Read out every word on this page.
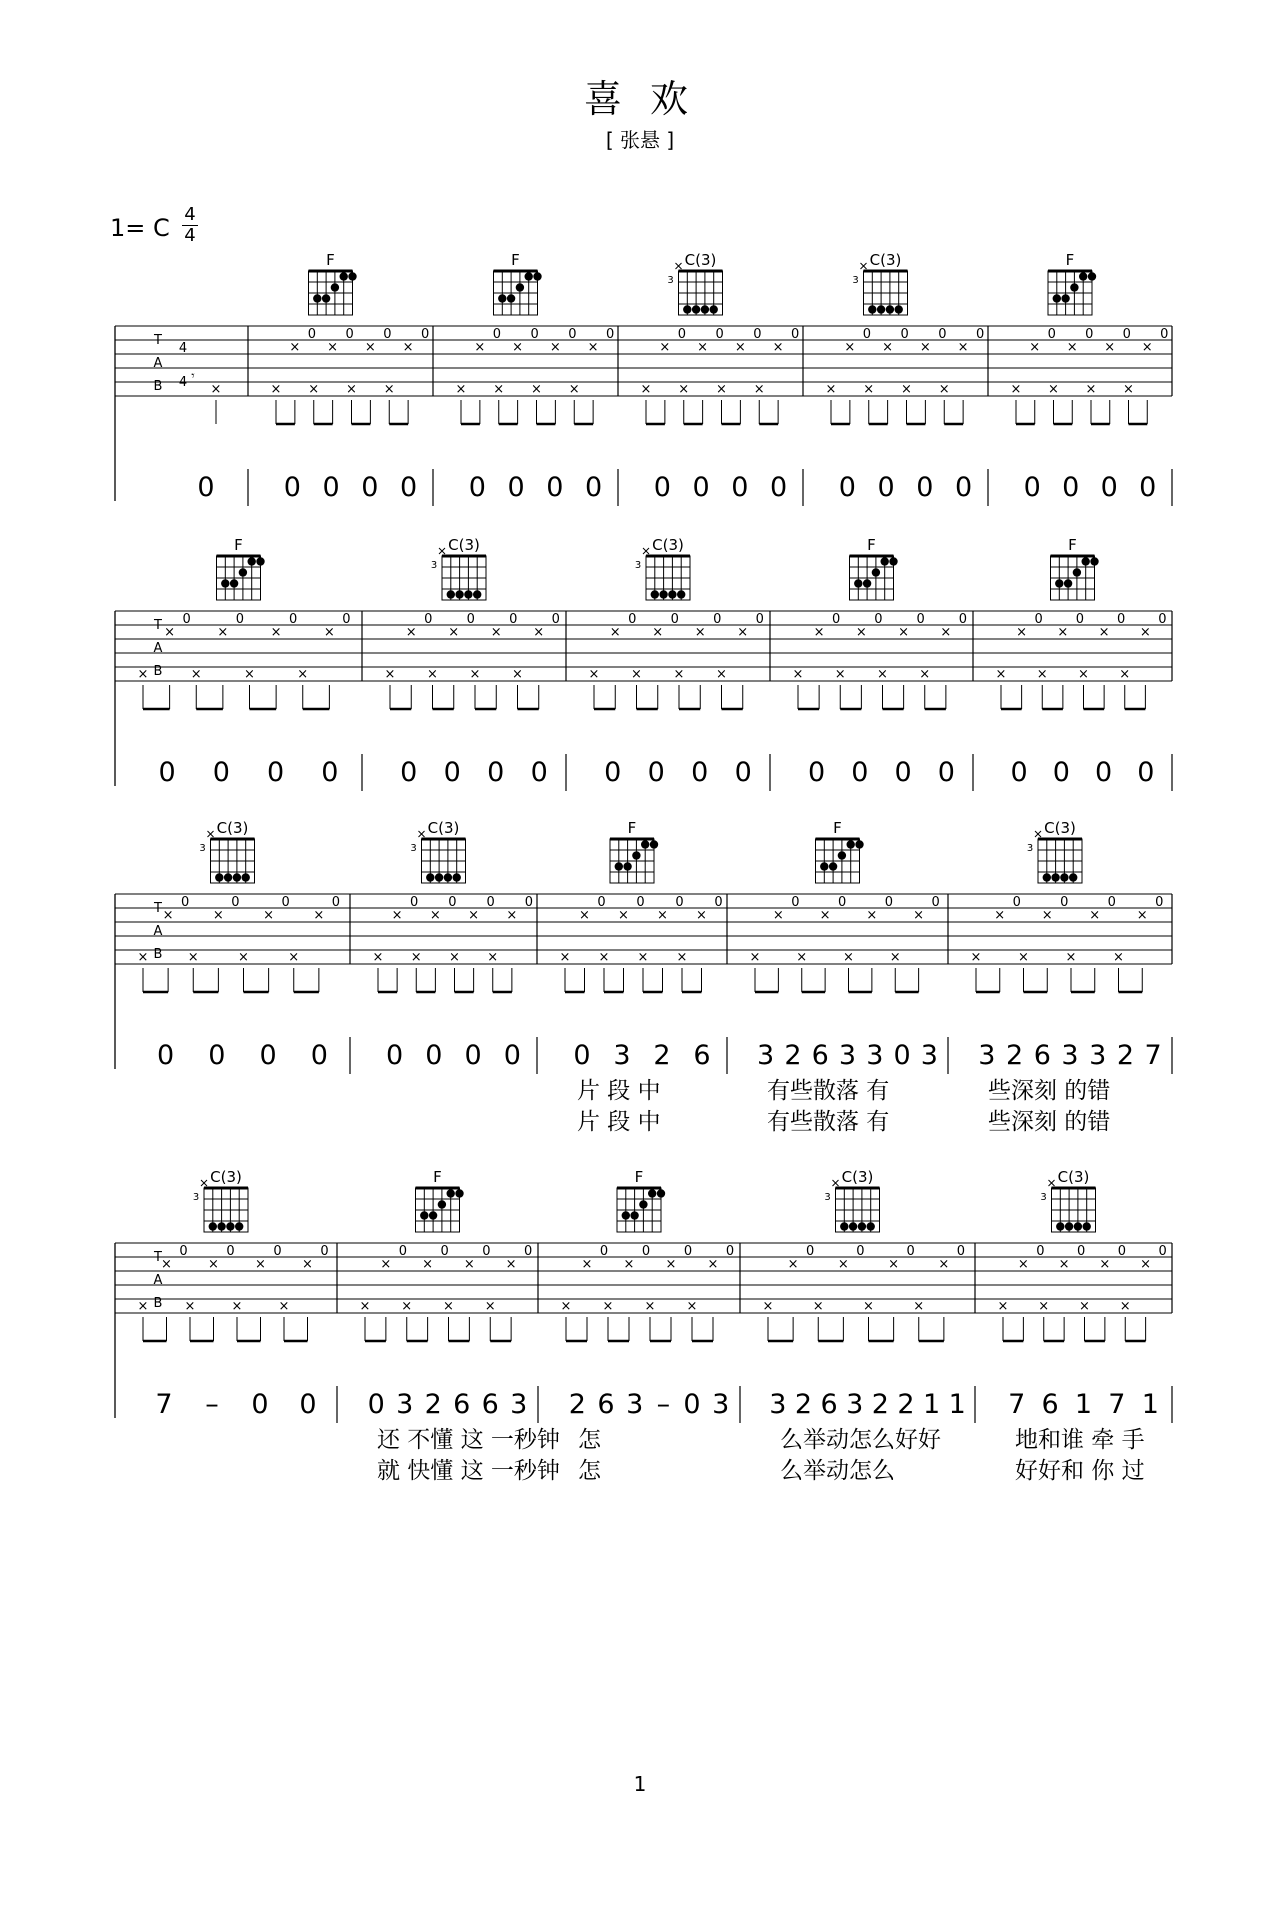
喜 欢
[ 张悬 ]
1= C 4
4
T
A
B
4
4 ×
𝄾
0
F
×
×
0
×
×
0
×
×
0
×
×
0
0 0 0 0
F
×
×
0
×
×
0
×
×
0
×
×
0
0 0 0 0
C(3)
3
×
×
0
×
×
0
×
×
0
×
×
0
0 0 0 0
C(3)
3
×
×
0
×
×
0
×
×
0
×
×
0
0 0 0 0
F
×
×
0
×
×
0
×
×
0
×
×
0
0 0 0 0
T
A
B
F
×
×
0
×
×
0
×
×
0
×
×
0
0 0 0 0
C(3)
3
×
×
0
×
×
0
×
×
0
×
×
0
0 0 0 0
C(3)
3
×
×
0
×
×
0
×
×
0
×
×
0
0 0 0 0
F
×
×
0
×
×
0
×
×
0
×
×
0
0 0 0 0
F
×
×
0
×
×
0
×
×
0
×
×
0
0 0 0 0
T
A
B
C(3)
3
×
×
0
×
×
0
×
×
0
×
×
0
0 0 0 0
C(3)
3
×
×
0
×
×
0
×
×
0
×
×
0
0 0 0 0
F
×
×
0
×
×
0
×
×
0
×
×
0
0 3 2 6
片 段 中
片 段 中
F
×
×
0
×
×
0
×
×
0
×
×
0
3 2 6 3 3 0 3
有些散落 有
有些散落 有
C(3)
3
×
×
0
×
×
0
×
×
0
×
×
0
3 2 6 3 3 2 7
些深刻 的错
些深刻 的错
T
A
B
C(3)
3
×
×
0
×
×
0
×
×
0
×
×
0
7 – 0 0
F
×
×
0
×
×
0
×
×
0
×
×
0
0 3 2 6 6 3
还 不懂 这 一秒钟
就 快懂 这 一秒钟
F
×
×
0
×
×
0
×
×
0
×
×
0
2 6 3 – 0 3
怎
怎
C(3)
3
×
×
0
×
×
0
×
×
0
×
×
0
3 2 6 3 2 2 1 1
么举动怎么好好
么举动怎么
C(3)
3
×
×
0
×
×
0
×
×
0
×
×
0
7 6 1 7 1
地和谁 牵 手
好好和 你 过
1
